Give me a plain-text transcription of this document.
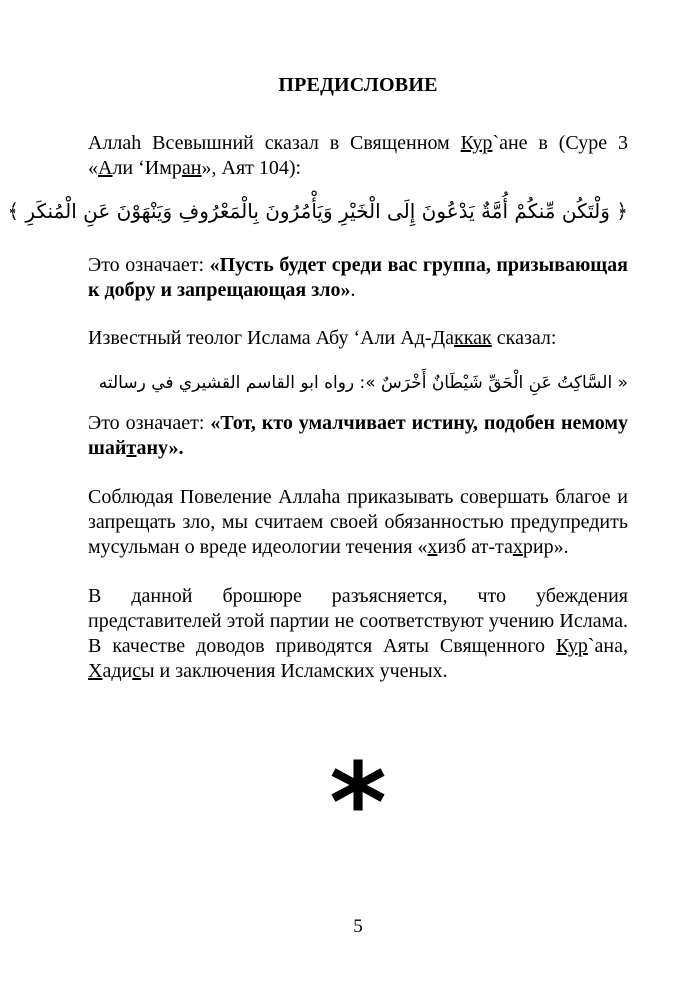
ПРЕДИСЛОВИЕ
Аллаh Всевышний сказал в Священном Кур`ане в (Суре 3 «Али ‘Имран», Аят 104):
﴿ وَلْتَكُن مِّنكُمْ أُمَّةٌ يَدْعُونَ إِلَى الْخَيْرِ وَيَأْمُرُونَ بِالْمَعْرُوفِ وَيَنْهَوْنَ عَنِ الْمُنكَرِ ﴾
Это означает: «Пусть будет среди вас группа, призывающая к добру и запрещающая зло».
Известный теолог Ислама Абу ‘Али Ад-Даккак сказал:
« السَّاكِتُ عَنِ الْحَقِّ شَيْطَانٌ أَخْرَسٌ »: رواه ابو القاسم القشيري في رسالته
Это означает: «Тот, кто умалчивает истину, подобен немому шайтану».
Соблюдая Повеление Аллаhа приказывать совершать благое и запрещать зло, мы считаем своей обязанностью предупредить мусульман о вреде идеологии течения «хизб ат-тахрир».
В данной брошюре разъясняется, что убеждения представителей этой партии не соответствуют учению Ислама. В качестве доводов приводятся Аяты Священного Кур`ана, Хадисы и заключения Исламских ученых.
*
5
